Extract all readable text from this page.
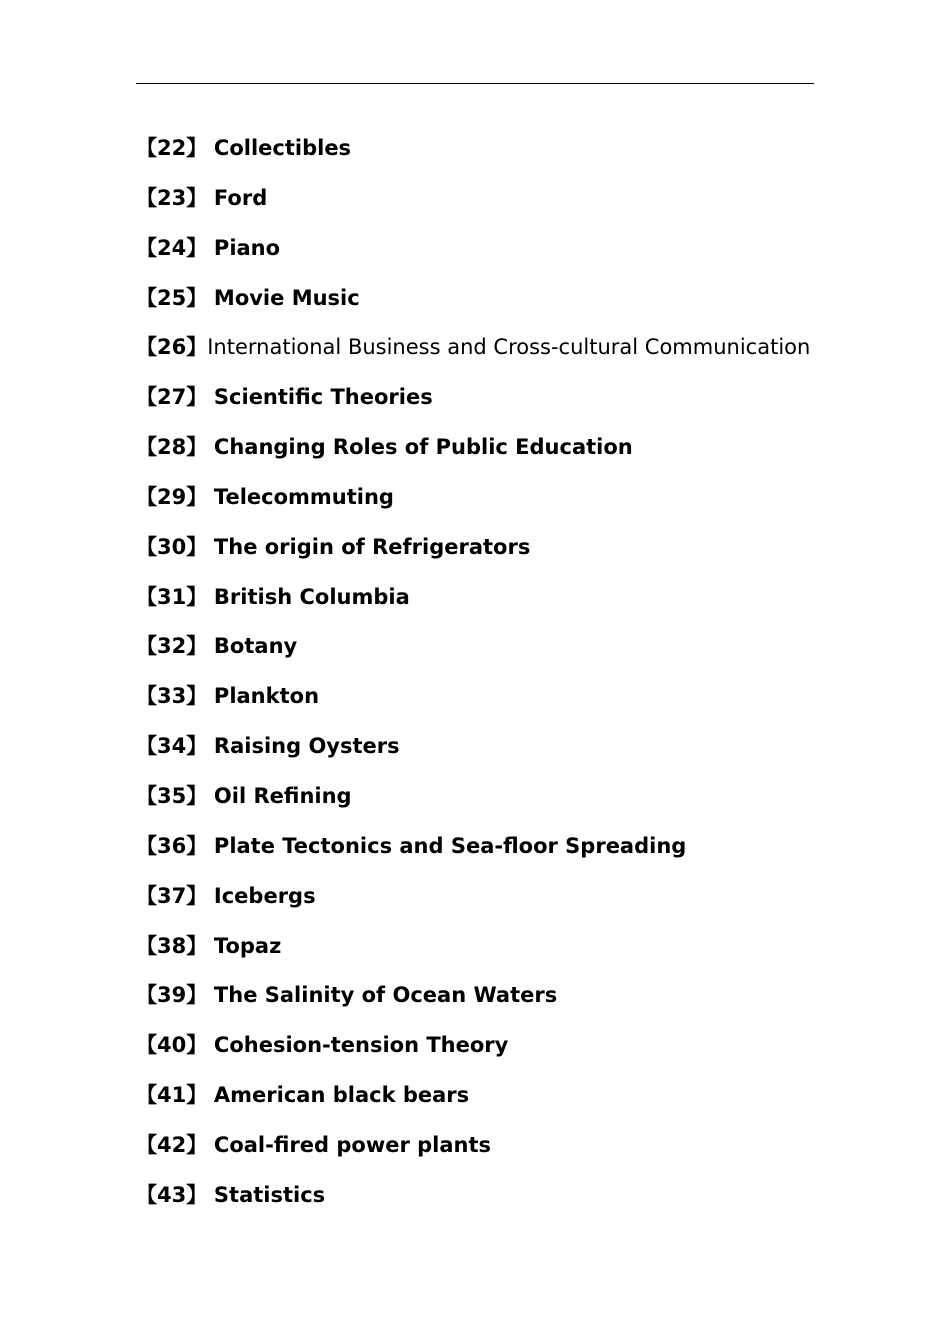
【22】 Collectibles
【23】 Ford
【24】 Piano
【25】 Movie Music
【26】International Business and Cross-cultural Communication
【27】 Scientific Theories
【28】 Changing Roles of Public Education
【29】 Telecommuting
【30】 The origin of Refrigerators
【31】 British Columbia
【32】 Botany
【33】 Plankton
【34】 Raising Oysters
【35】 Oil Refining
【36】 Plate Tectonics and Sea-floor Spreading
【37】 Icebergs
【38】 Topaz
【39】 The Salinity of Ocean Waters
【40】 Cohesion-tension Theory
【41】 American black bears
【42】 Coal-fired power plants
【43】 Statistics
